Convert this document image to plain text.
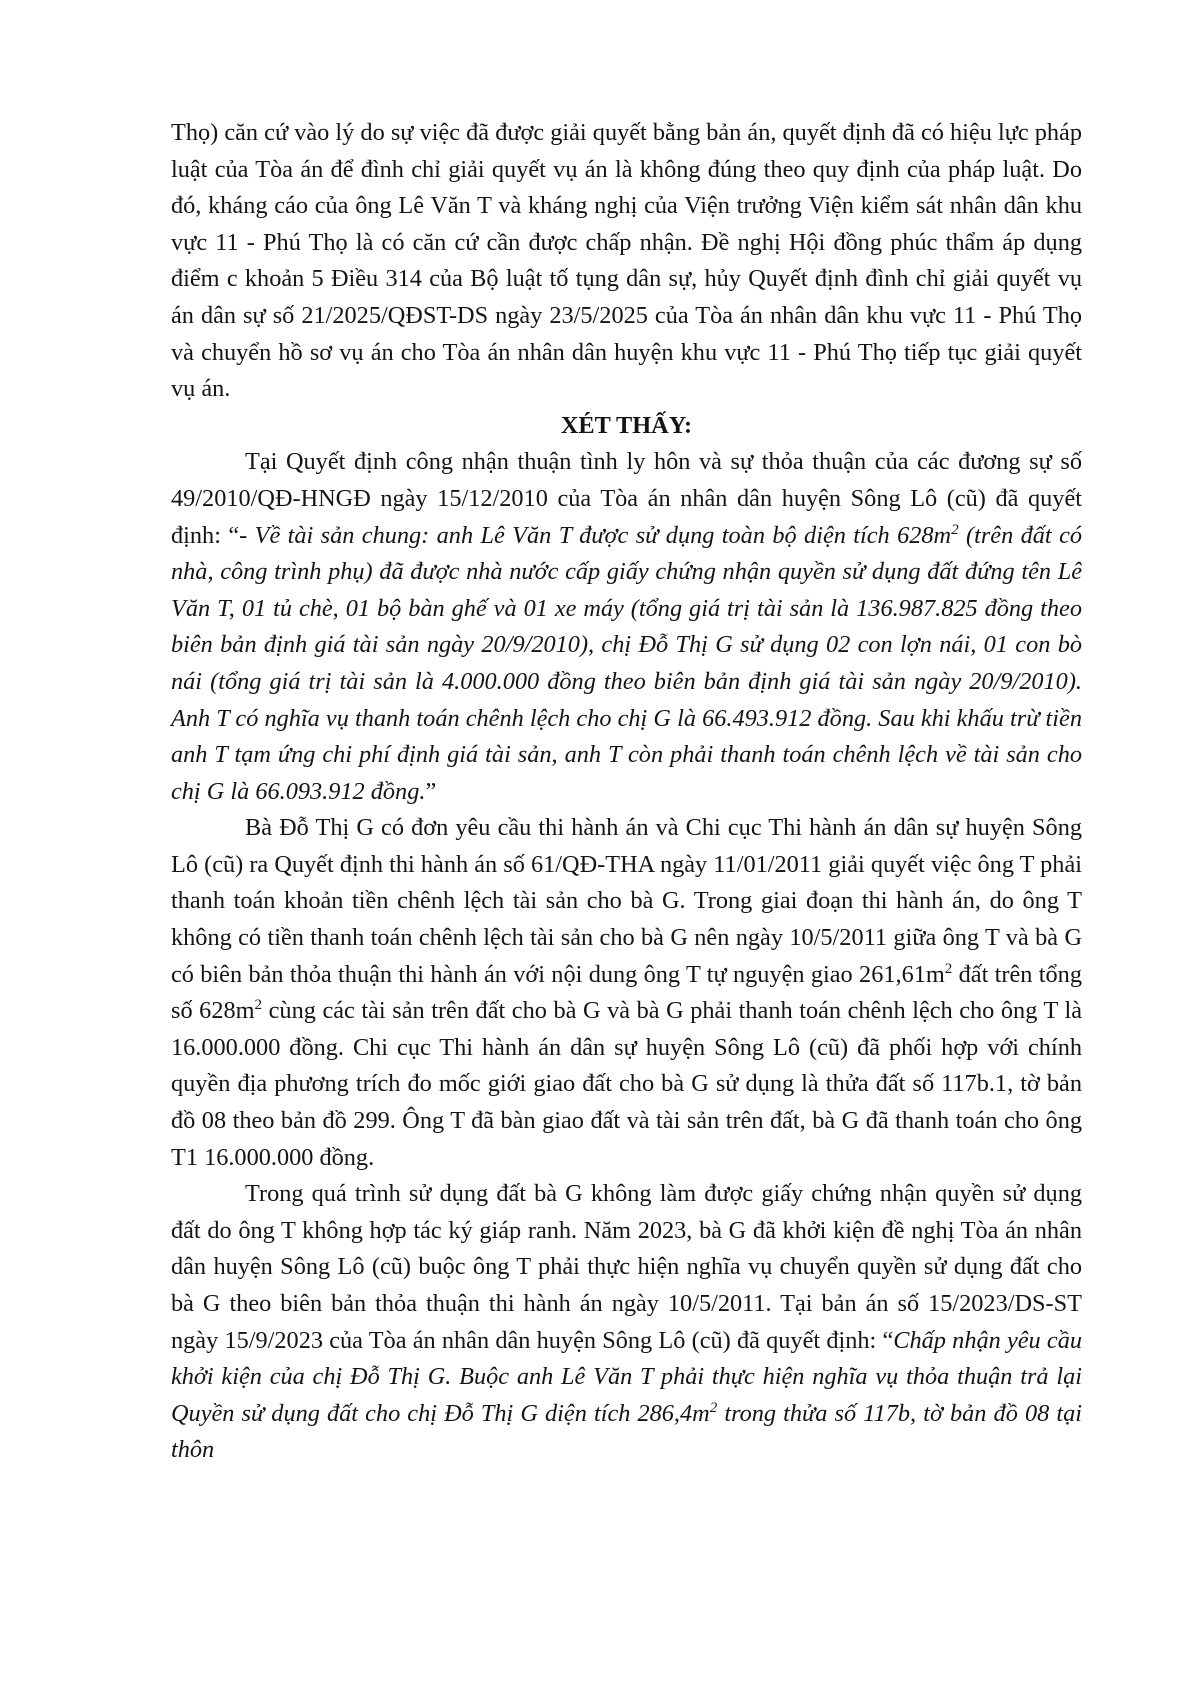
Thọ) căn cứ vào lý do sự việc đã được giải quyết bằng bản án, quyết định đã có hiệu lực pháp luật của Tòa án để đình chỉ giải quyết vụ án là không đúng theo quy định của pháp luật. Do đó, kháng cáo của ông Lê Văn T và kháng nghị của Viện trưởng Viện kiểm sát nhân dân khu vực 11 - Phú Thọ là có căn cứ cần được chấp nhận. Đề nghị Hội đồng phúc thẩm áp dụng điểm c khoản 5 Điều 314 của Bộ luật tố tụng dân sự, hủy Quyết định đình chỉ giải quyết vụ án dân sự số 21/2025/QĐST-DS ngày 23/5/2025 của Tòa án nhân dân khu vực 11 - Phú Thọ và chuyển hồ sơ vụ án cho Tòa án nhân dân huyện khu vực 11 - Phú Thọ tiếp tục giải quyết vụ án.

XÉT THẤY:

Tại Quyết định công nhận thuận tình ly hôn và sự thỏa thuận của các đương sự số 49/2010/QĐ-HNGĐ ngày 15/12/2010 của Tòa án nhân dân huyện Sông Lô (cũ) đã quyết định: “- Về tài sản chung: anh Lê Văn T được sử dụng toàn bộ diện tích $628m^2$ (trên đất có nhà, công trình phụ) đã được nhà nước cấp giấy chứng nhận quyền sử dụng đất đứng tên Lê Văn T, 01 tủ chè, 01 bộ bàn ghế và 01 xe máy (tổng giá trị tài sản là 136.987.825 đồng theo biên bản định giá tài sản ngày 20/9/2010), chị Đỗ Thị G sử dụng 02 con lợn nái, 01 con bò nái (tổng giá trị tài sản là 4.000.000 đồng theo biên bản định giá tài sản ngày 20/9/2010). Anh T có nghĩa vụ thanh toán chênh lệch cho chị G là 66.493.912 đồng. Sau khi khấu trừ tiền anh T tạm ứng chi phí định giá tài sản, anh T còn phải thanh toán chênh lệch về tài sản cho chị G là 66.093.912 đồng.”

Bà Đỗ Thị G có đơn yêu cầu thi hành án và Chi cục Thi hành án dân sự huyện Sông Lô (cũ) ra Quyết định thi hành án số 61/QĐ-THA ngày 11/01/2011 giải quyết việc ông T phải thanh toán khoản tiền chênh lệch tài sản cho bà G. Trong giai đoạn thi hành án, do ông T không có tiền thanh toán chênh lệch tài sản cho bà G nên ngày 10/5/2011 giữa ông T và bà G có biên bản thỏa thuận thi hành án với nội dung ông T tự nguyện giao $261,61m^2$ đất trên tổng số $628m^2$ cùng các tài sản trên đất cho bà G và bà G phải thanh toán chênh lệch cho ông T là 16.000.000 đồng. Chi cục Thi hành án dân sự huyện Sông Lô (cũ) đã phối hợp với chính quyền địa phương trích đo mốc giới giao đất cho bà G sử dụng là thửa đất số 117b.1, tờ bản đồ 08 theo bản đồ 299. Ông T đã bàn giao đất và tài sản trên đất, bà G đã thanh toán cho ông T1 16.000.000 đồng.

Trong quá trình sử dụng đất bà G không làm được giấy chứng nhận quyền sử dụng đất do ông T không hợp tác ký giáp ranh. Năm 2023, bà G đã khởi kiện đề nghị Tòa án nhân dân huyện Sông Lô (cũ) buộc ông T phải thực hiện nghĩa vụ chuyển quyền sử dụng đất cho bà G theo biên bản thỏa thuận thi hành án ngày 10/5/2011. Tại bản án số 15/2023/DS-ST ngày 15/9/2023 của Tòa án nhân dân huyện Sông Lô (cũ) đã quyết định: “Chấp nhận yêu cầu khởi kiện của chị Đỗ Thị G. Buộc anh Lê Văn T phải thực hiện nghĩa vụ thỏa thuận trả lại Quyền sử dụng đất cho chị Đỗ Thị G diện tích $286,4m^2$ trong thửa số 117b, tờ bản đồ 08 tại thôn
